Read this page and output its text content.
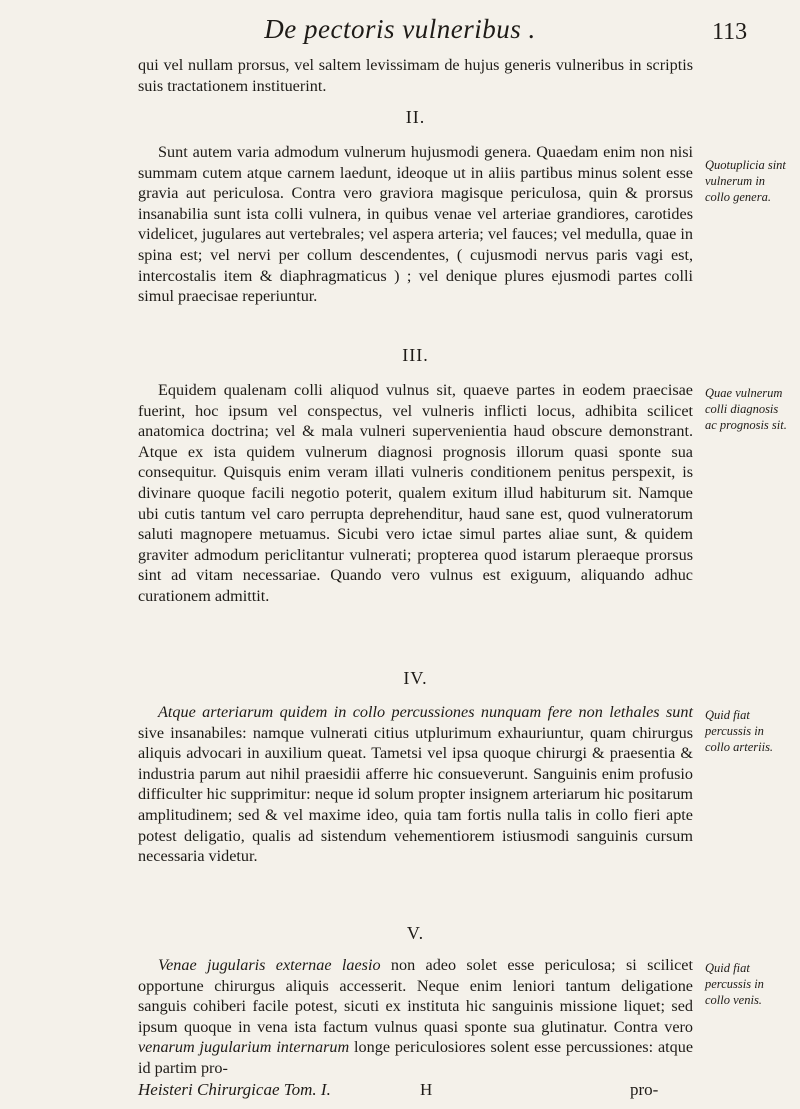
De pectoris vulneribus .	113

qui vel nullam prorsus, vel saltem levissimam de hujus generis vulneribus in scriptis suis tractationem instituerint.

II.

Sunt autem varia admodum vulnerum hujusmodi genera. Quaedam enim non nisi summam cutem atque carnem laedunt, ideoque ut in aliis partibus minus solent esse gravia aut periculosa. Contra vero graviora magisque periculosa, quin & prorsus insanabilia sunt ista colli vulnera, in quibus venae vel arteriae grandiores, carotides videlicet, jugulares aut vertebrales; vel aspera arteria; vel fauces; vel medulla, quae in spina est; vel nervi per collum descendentes, ( cujusmodi nervus paris vagi est, intercostalis item & diaphragmaticus ) ; vel denique plures ejusmodi partes colli simul praecisae reperiuntur.

Quotuplicia sint vulnerum in collo genera.
III.

Equidem qualenam colli aliquod vulnus sit, quaeve partes in eodem praecisae fuerint, hoc ipsum vel conspectus, vel vulneris inflicti locus, adhibita scilicet anatomica doctrina; vel & mala vulneri supervenientia haud obscure demonstrant. Atque ex ista quidem vulnerum diagnosi prognosis illorum quasi sponte sua consequitur. Quisquis enim veram illati vulneris conditionem penitus perspexit, is divinare quoque facili negotio poterit, qualem exitum illud habiturum sit. Namque ubi cutis tantum vel caro perrupta deprehenditur, haud sane est, quod vulneratorum saluti magnopere metuamus. Sicubi vero ictae simul partes aliae sunt, & quidem graviter admodum periclitantur vulnerati; propterea quod istarum pleraeque prorsus sint ad vitam necessariae. Quando vero vulnus est exiguum, aliquando adhuc curationem admittit.

Quae vulnerum colli diagnosis ac prognosis sit.
IV.

Atque arteriarum quidem in collo percussiones nunquam fere non lethales sunt sive insanabiles: namque vulnerati citius utplurimum exhauriuntur, quam chirurgus aliquis advocari in auxilium queat. Tametsi vel ipsa quoque chirurgi & praesentia & industria parum aut nihil praesidii afferre hic consueverunt. Sanguinis enim profusio difficulter hic supprimitur: neque id solum propter insignem arteriarum hic positarum amplitudinem; sed & vel maxime ideo, quia tam fortis nulla talis in collo fieri apte potest deligatio, qualis ad sistendum vehementiorem istiusmodi sanguinis cursum necessaria videtur.

Quid fiat percussis in collo arteriis.
V.

Venae jugularis externae laesio non adeo solet esse periculosa; si scilicet opportune chirurgus aliquis accesserit. Neque enim leniori tantum deligatione sanguis cohiberi facile potest, sicuti ex instituta hic sanguinis missione liquet; sed ipsum quoque in vena ista factum vulnus quasi sponte sua glutinatur. Contra vero venarum jugularium internarum longe periculosiores solent esse percussiones: atque id partim pro-

Quid fiat percussis in collo venis.
Heisteri Chirurgicae Tom. I.	H	pro-
